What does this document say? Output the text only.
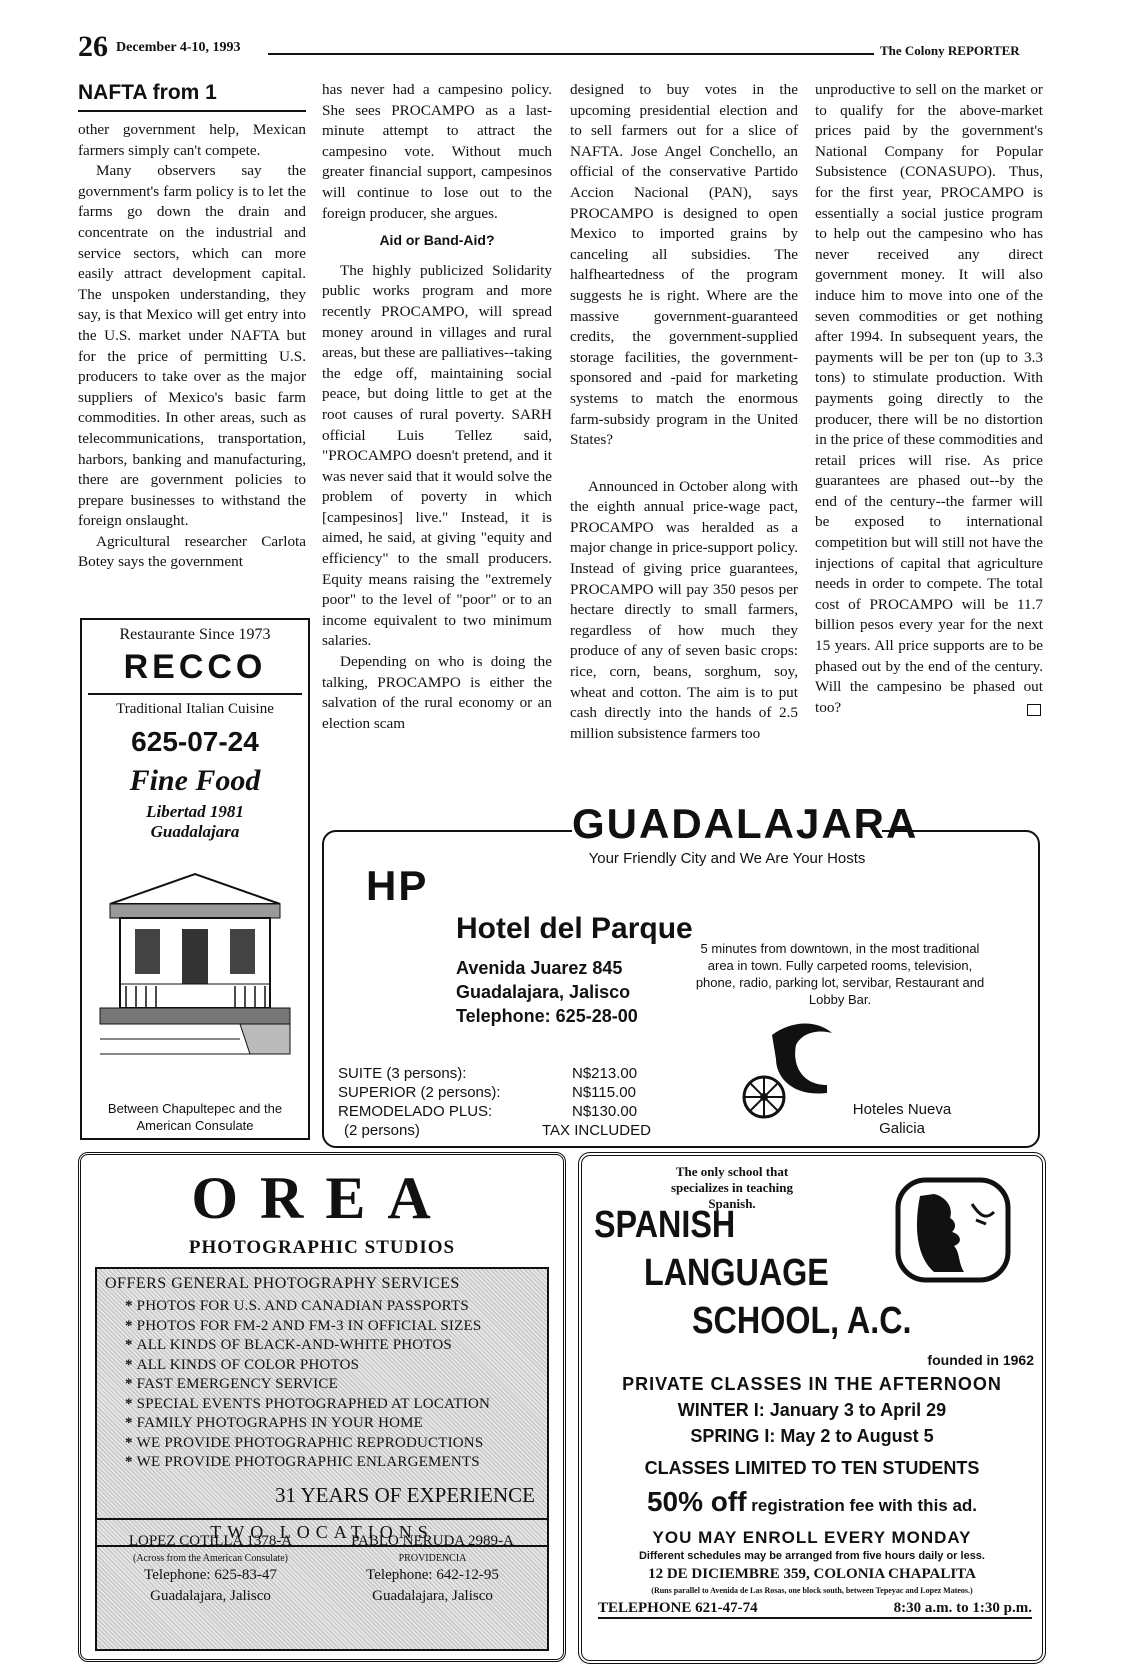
26 December 4-10, 1993	The Colony REPORTER
NAFTA from 1

other government help, Mexican farmers simply can't compete.

Many observers say the government's farm policy is to let the farms go down the drain and concentrate on the industrial and service sectors, which can more easily attract development capital. The unspoken understanding, they say, is that Mexico will get entry into the U.S. market under NAFTA but for the price of permitting U.S. producers to take over as the major suppliers of Mexico's basic farm commodities. In other areas, such as telecommunications, transportation, harbors, banking and manufacturing, there are government policies to prepare businesses to withstand the foreign onslaught.

Agricultural researcher Carlota Botey says the government

has never had a campesino policy. She sees PROCAMPO as a last-minute attempt to attract the campesino vote. Without much greater financial support, campesinos will continue to lose out to the foreign producer, she argues.

Aid or Band-Aid?

The highly publicized Solidarity public works program and more recently PROCAMPO, will spread money around in villages and rural areas, but these are palliatives--taking the edge off, maintaining social peace, but doing little to get at the root causes of rural poverty. SARH official Luis Tellez said, "PROCAMPO doesn't pretend, and it was never said that it would solve the problem of poverty in which [campesinos] live." Instead, it is aimed, he said, at giving "equity and efficiency" to the small producers. Equity means raising the "extremely poor" to the level of "poor" or to an income equivalent to two minimum salaries.

Depending on who is doing the talking, PROCAMPO is either the salvation of the rural economy or an election scam

designed to buy votes in the upcoming presidential election and to sell farmers out for a slice of NAFTA. Jose Angel Conchello, an official of the conservative Partido Accion Nacional (PAN), says PROCAMPO is designed to open Mexico to imported grains by canceling all subsidies. The halfheartedness of the program suggests he is right. Where are the massive government-guaranteed credits, the government-supplied storage facilities, the government-sponsored and -paid for marketing systems to match the enormous farm-subsidy program in the United States?

Announced in October along with the eighth annual price-wage pact, PROCAMPO was heralded as a major change in price-support policy. Instead of giving price guarantees, PROCAMPO will pay 350 pesos per hectare directly to small farmers, regardless of how much they produce of any of seven basic crops: rice, corn, beans, sorghum, soy, wheat and cotton. The aim is to put cash directly into the hands of 2.5 million subsistence farmers too

unproductive to sell on the market or to qualify for the above-market prices paid by the government's National Company for Popular Subsistence (CONASUPO). Thus, for the first year, PROCAMPO is essentially a social justice program to help out the campesino who has never received any direct government money. It will also induce him to move into one of the seven commodities or get nothing after 1994. In subsequent years, the payments will be per ton (up to 3.3 tons) to stimulate production. With payments going directly to the producer, there will be no distortion in the price of these commodities and retail prices will rise. As price guarantees are phased out--by the end of the century--the farmer will be exposed to international competition but will still not have the injections of capital that agriculture needs in order to compete. The total cost of PROCAMPO will be 11.7 billion pesos every year for the next 15 years. All price supports are to be phased out by the end of the century. Will the campesino be phased out too?

Restaurante Since 1973
RECCO
Traditional Italian Cuisine
625-07-24
Fine Food
Libertad 1981
Guadalajara
Between Chapultepec and the American Consulate
GUADALAJARA
Your Friendly City and We Are Your Hosts
HP
Hotel del Parque
Avenida Juarez 845
Guadalajara, Jalisco
Telephone: 625-28-00
5 minutes from downtown, in the most traditional area in town. Fully carpeted rooms, television, phone, radio, parking lot, servibar, Restaurant and Lobby Bar.
SUITE (3 persons):	N$213.00
SUPERIOR (2 persons):	N$115.00
REMODELADO PLUS:	N$130.00
(2 persons)	TAX INCLUDED
Hoteles Nueva Galicia
OREA
PHOTOGRAPHIC STUDIOS
OFFERS GENERAL PHOTOGRAPHY SERVICES
* PHOTOS FOR U.S. AND CANADIAN PASSPORTS
* PHOTOS FOR FM-2 AND FM-3 IN OFFICIAL SIZES
* ALL KINDS OF BLACK-AND-WHITE PHOTOS
* ALL KINDS OF COLOR PHOTOS
* FAST EMERGENCY SERVICE
* SPECIAL EVENTS PHOTOGRAPHED AT LOCATION
* FAMILY PHOTOGRAPHS IN YOUR HOME
* WE PROVIDE PHOTOGRAPHIC REPRODUCTIONS
* WE PROVIDE PHOTOGRAPHIC ENLARGEMENTS
31 YEARS OF EXPERIENCE
TWO LOCATIONS
LOPEZ COTILLA 1378-A
(Across from the American Consulate)
Telephone: 625-83-47
Guadalajara, Jalisco
PABLO NERUDA 2989-A
PROVIDENCIA
Telephone: 642-12-95
Guadalajara, Jalisco
The only school that specializes in teaching Spanish.
SPANISH
LANGUAGE
SCHOOL, A.C.
founded in 1962
PRIVATE CLASSES IN THE AFTERNOON
WINTER I: January 3 to April 29
SPRING I: May 2 to August 5
CLASSES LIMITED TO TEN STUDENTS
50% off registration fee with this ad.
YOU MAY ENROLL EVERY MONDAY
Different schedules may be arranged from five hours daily or less.
12 DE DICIEMBRE 359, COLONIA CHAPALITA
(Runs parallel to Avenida de Las Rosas, one block south, between Tepeyac and Lopez Mateos.)
TELEPHONE 621-47-74	8:30 a.m. to 1:30 p.m.
